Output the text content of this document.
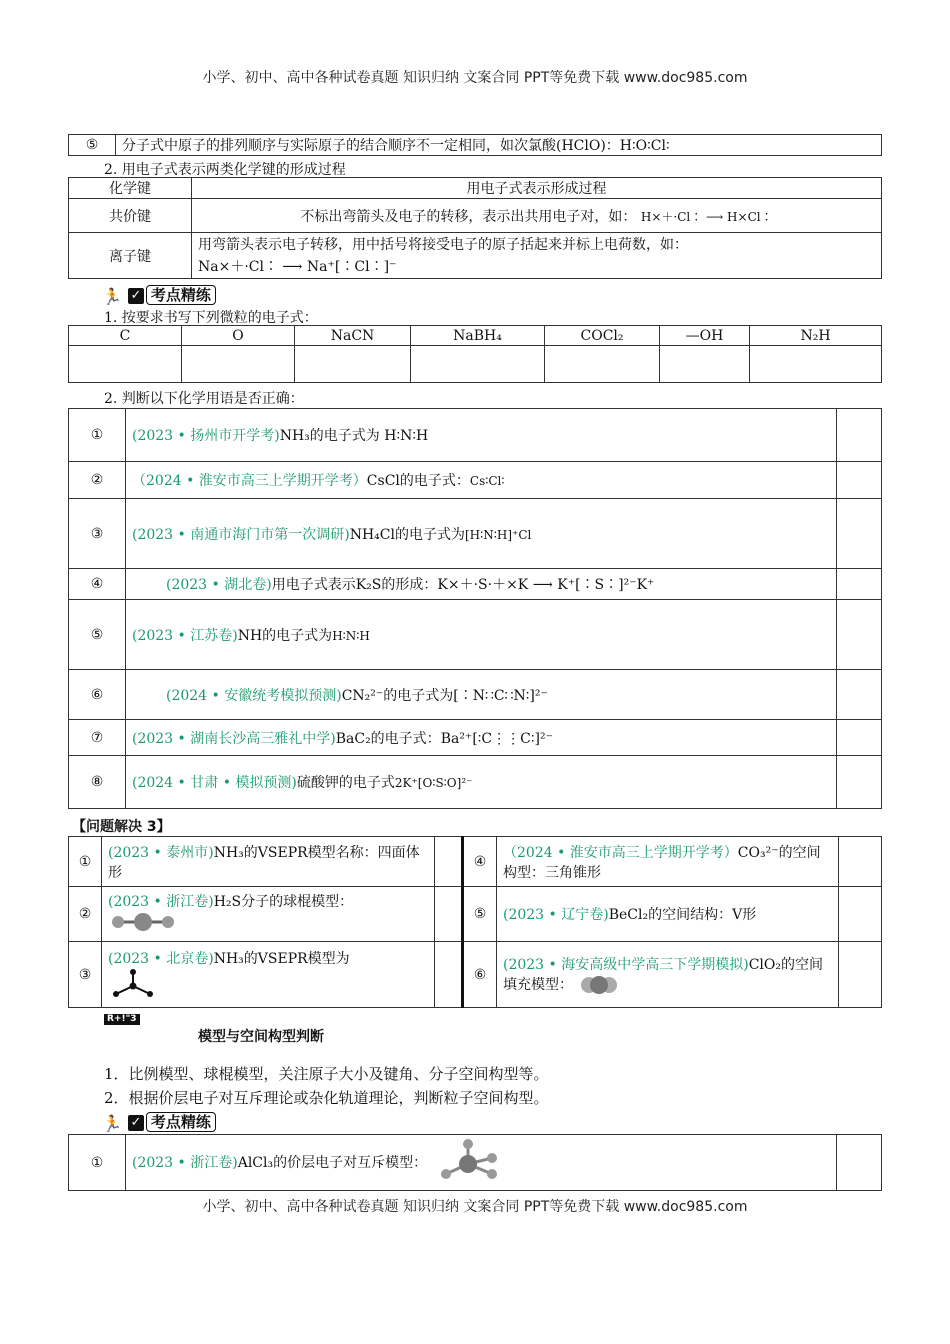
小学、初中、高中各种试卷真题 知识归纳 文案合同 PPT等免费下载 www.doc985.com
⑤	分子式中原子的排列顺序与实际原子的结合顺序不一定相同，如次氯酸(HClO)：H∶O∶Cl∶
2. 用电子式表示两类化学键的形成过程
化学键	用电子式表示形成过程
共价键	不标出弯箭头及电子的转移，表示出共用电子对，如： H×＋·Cl∶ ⟶ H×Cl∶
离子键	用弯箭头表示电子转移，用中括号将接受电子的原子括起来并标上电荷数，如：
Na×＋·Cl∶ ⟶ Na⁺[∶Cl∶]⁻
🏃 ✓ 考点精练
1. 按要求书写下列微粒的电子式：
C	O	NaCN	NaBH₄	COCl₂	—OH	N₂H

2. 判断以下化学用语是否正确：
①	(2023 • 扬州市开学考)NH₃的电子式为 H∶N∶H	
②	（2024 • 淮安市高三上学期开学考）CsCl的电子式：Cs∶Cl∶	
③	(2023 • 南通市海门市第一次调研)NH₄Cl的电子式为[H∶N∶H]⁺Cl	
④	(2023 • 湖北卷)用电子式表示K₂S的形成：K×＋·S·＋×K ⟶ K⁺[∶S∶]²⁻K⁺	
⑤	(2023 • 江苏卷)NH的电子式为H∶N∶H	
⑥	(2024 • 安徽统考模拟预测)CN₂²⁻的电子式为[∶N∷C∷N∶]²⁻	
⑦	(2023 • 湖南长沙高三雅礼中学)BaC₂的电子式：Ba²⁺[∶C⋮⋮C∶]²⁻	
⑧	(2024 • 甘肃 • 模拟预测)硫酸钾的电子式2K⁺[O∶S∶O]²⁻	
【问题解决 3】
①	(2023 • 泰州市)NH₃的VSEPR模型名称：四面体形		④	（2024 • 淮安市高三上学期开学考）CO₃²⁻的空间构型：三角锥形	
②	(2023 • 浙江卷)H₂S分子的球棍模型：		⑤	(2023 • 辽宁卷)BeCl₂的空间结构：V形	
③	(2023 • 北京卷)NH₃的VSEPR模型为		⑥	(2023 • 海安高级中学高三下学期模拟)ClO₂的空间填充模型：	
R+!"3
模型与空间构型判断
1．比例模型、球棍模型，关注原子大小及键角、分子空间构型等。
2．根据价层电子对互斥理论或杂化轨道理论，判断粒子空间构型。
🏃 ✓ 考点精练
①	(2023 • 浙江卷)AlCl₃的价层电子对互斥模型：	
小学、初中、高中各种试卷真题 知识归纳 文案合同 PPT等免费下载 www.doc985.com
